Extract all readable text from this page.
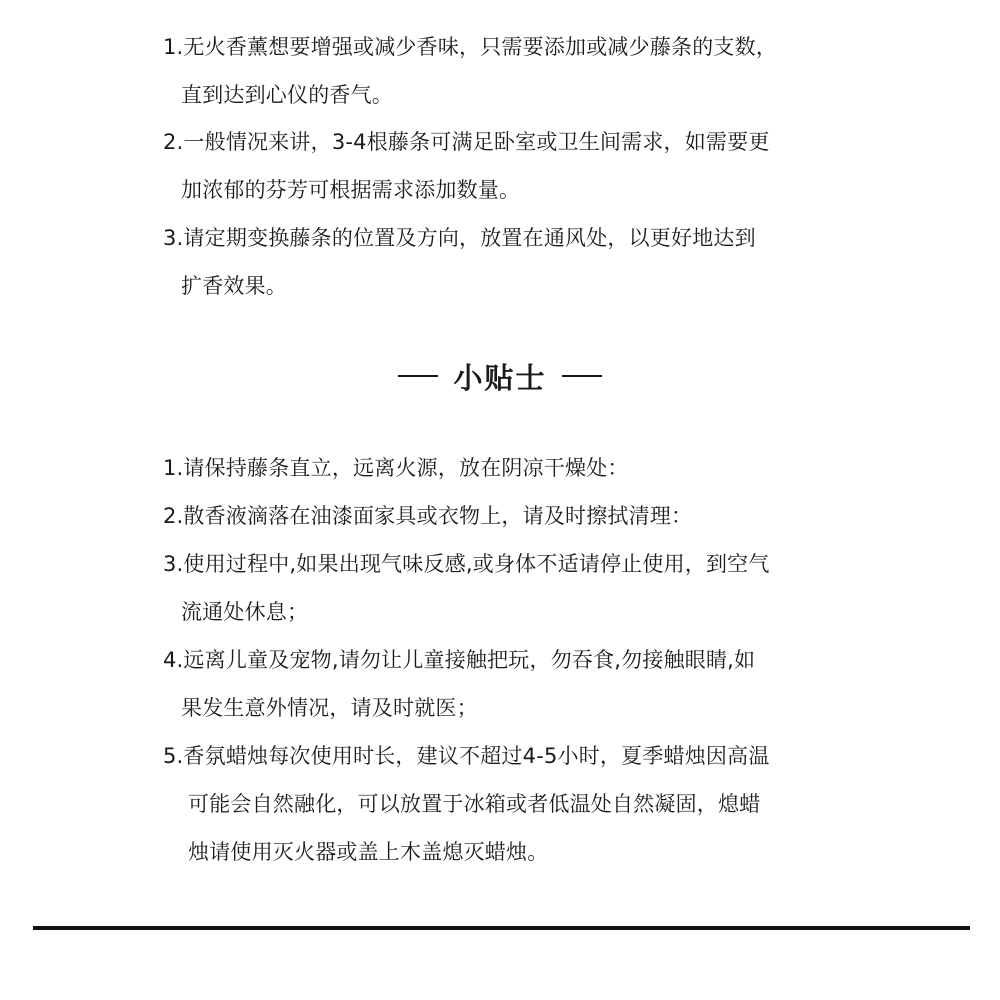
1.无火香薰想要增强或减少香味，只需要添加或减少藤条的支数，
直到达到心仪的香气。
2.一般情况来讲，3-4根藤条可满足卧室或卫生间需求，如需要更
加浓郁的芬芳可根据需求添加数量。
3.请定期变换藤条的位置及方向，放置在通风处，以更好地达到
扩香效果。
小贴士
1.请保持藤条直立，远离火源，放在阴凉干燥处：
2.散香液滴落在油漆面家具或衣物上，请及时擦拭清理：
3.使用过程中,如果出现气味反感,或身体不适请停止使用，到空气
流通处休息；
4.远离儿童及宠物,请勿让儿童接触把玩，勿吞食,勿接触眼睛,如
果发生意外情况，请及时就医；
5.香氛蜡烛每次使用时长，建议不超过4-5小时，夏季蜡烛因高温
可能会自然融化，可以放置于冰箱或者低温处自然凝固，熄蜡
烛请使用灭火器或盖上木盖熄灭蜡烛。
